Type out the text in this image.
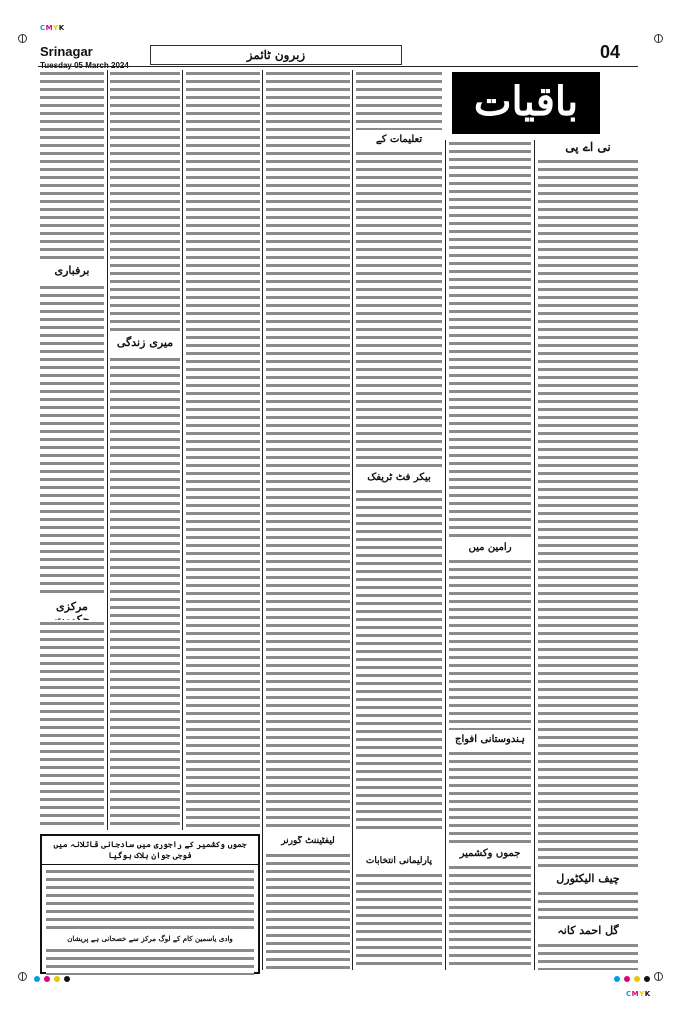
CMYK
CMYK
Srinagar	زبرون ٹائمز	04
باقیات
برفباری
مرکزی
میری زندگی
لیفٹیننٹ گورنر
تعلیمات کے
بیکر فٹ ٹریفک
پارلیمانی انتخابات
رامین میں
ہندوستانی افواج
جموں وکشمیر
نی اے پی
چیف الیکٹورل
گل احمد کانہ
جموں وکشمیر کے راجوری میں سادجانی قاتلانہ میں فوجی جوان ہلاک ہوگیا
وادی یاسمین کام کے لوگ مرکز سے خصحانی ہے پریشان
